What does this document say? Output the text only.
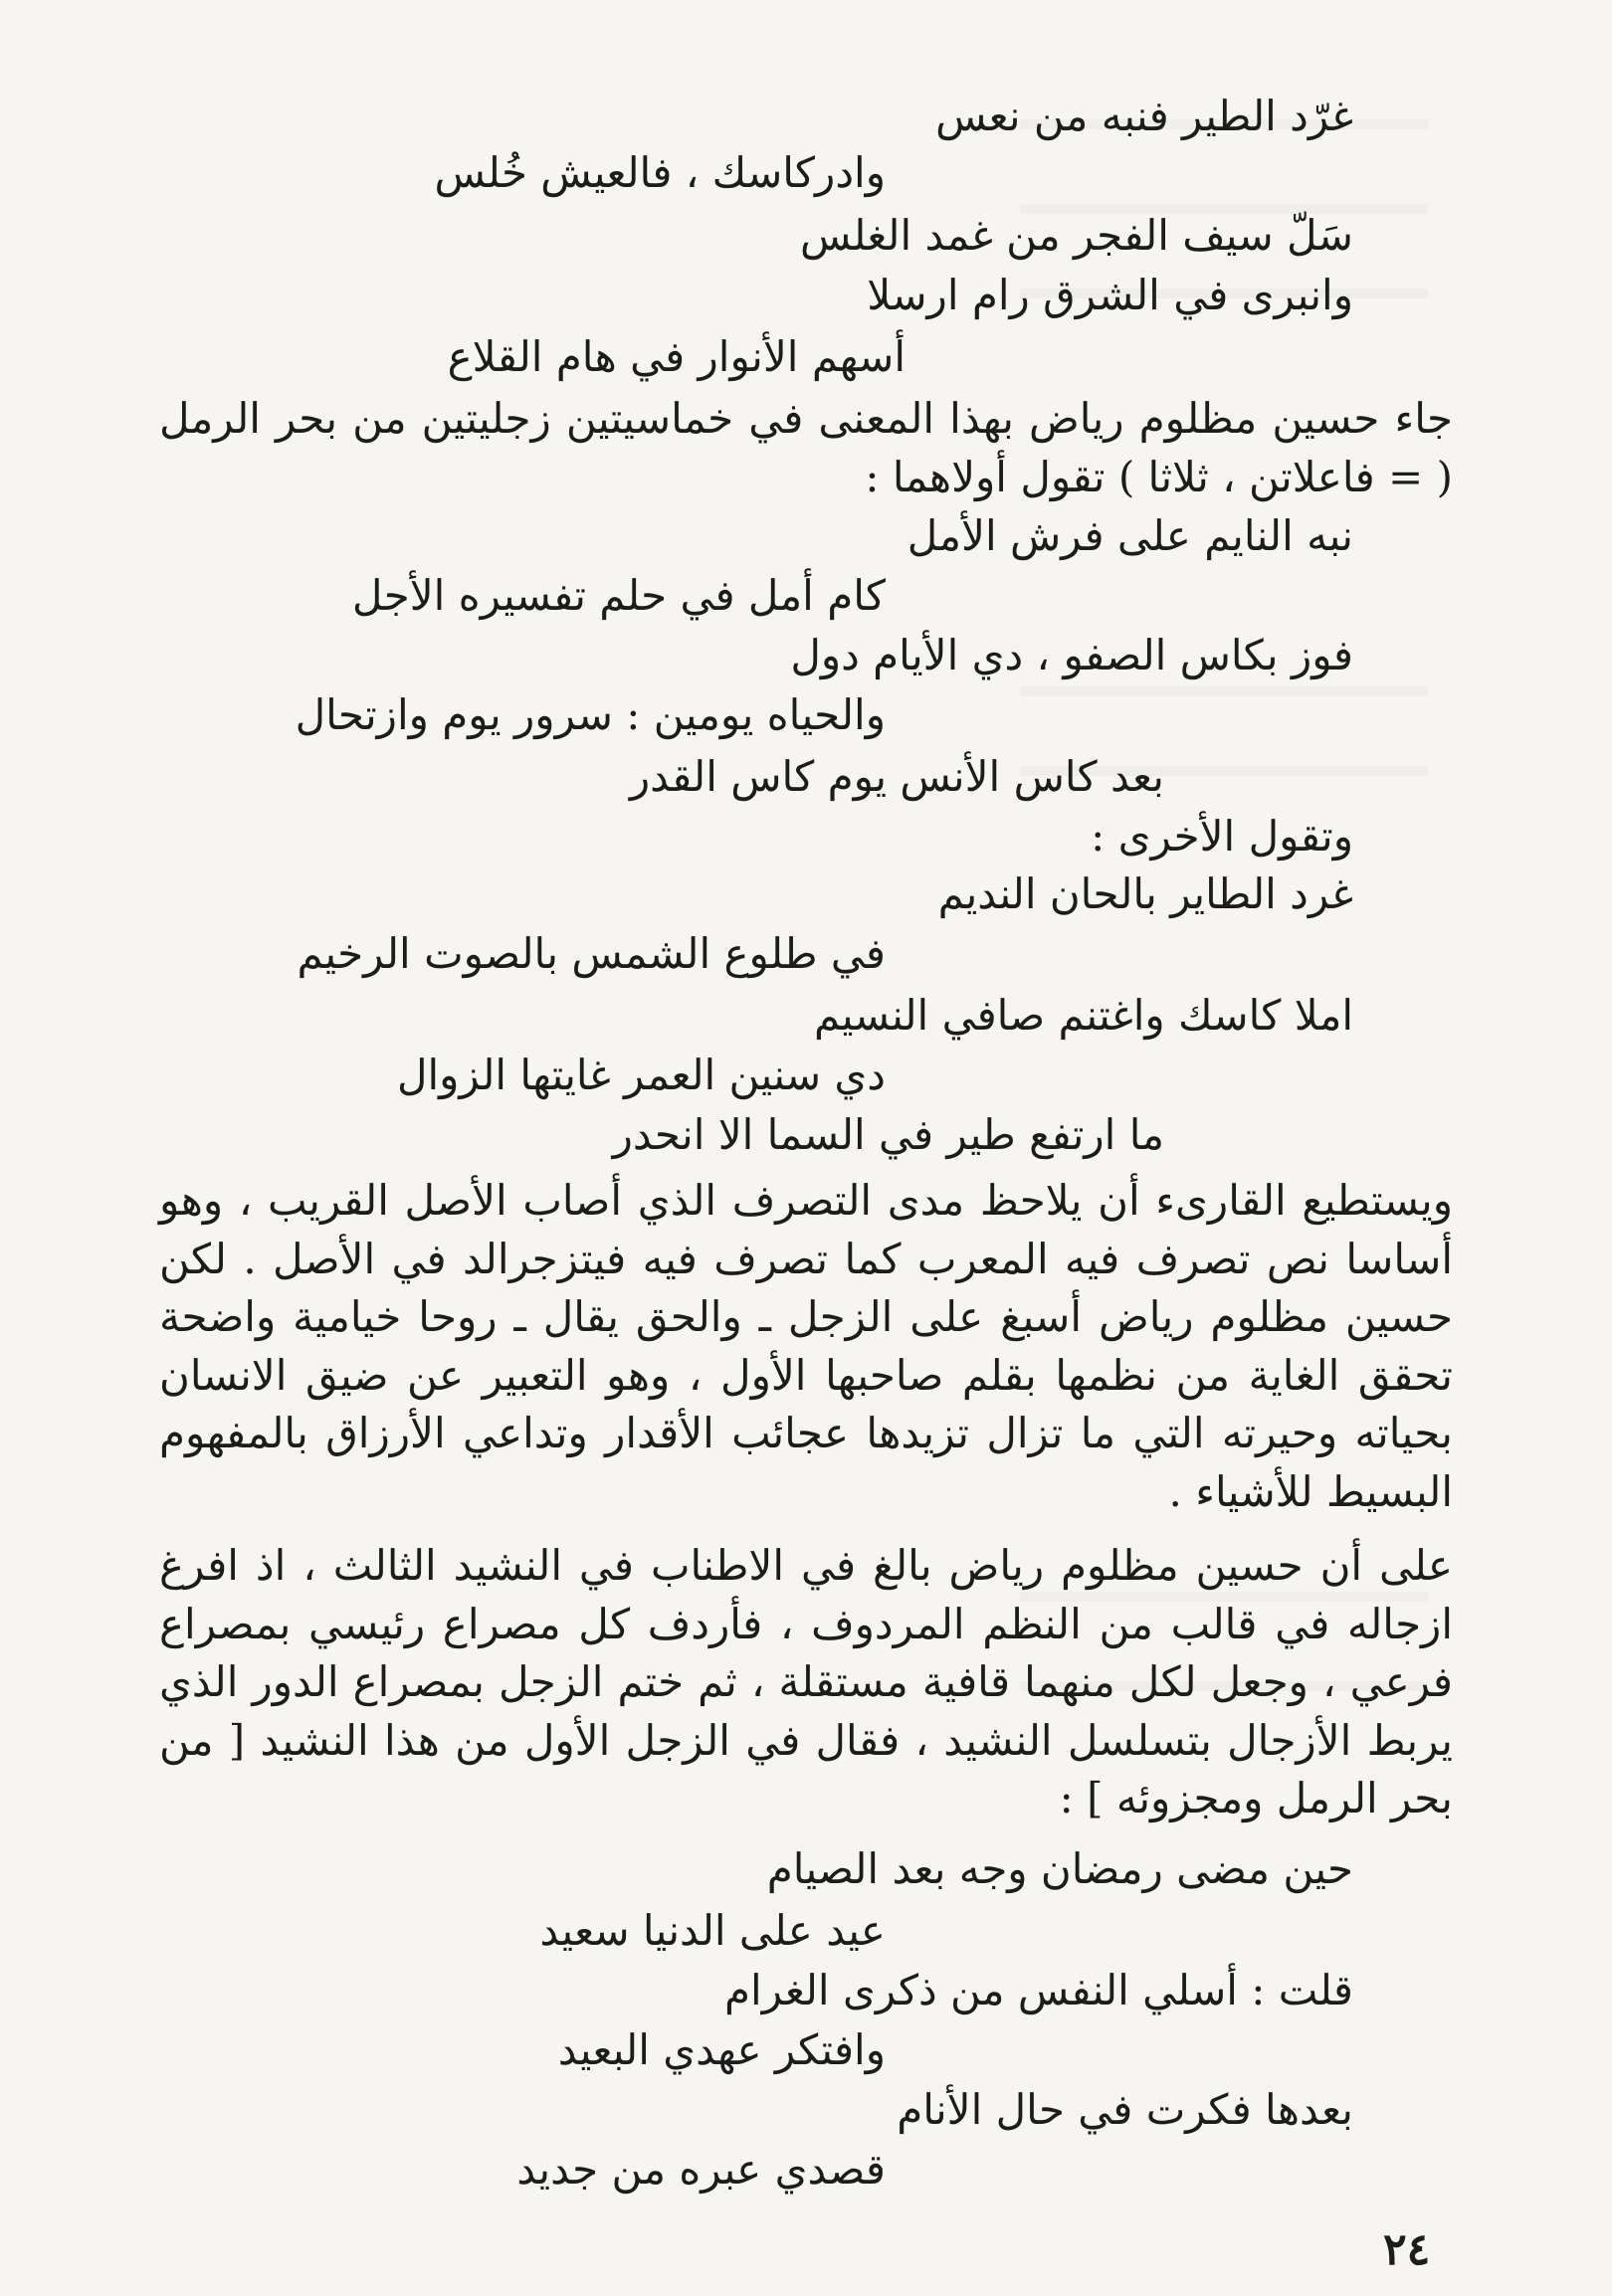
غرّد الطير فنبه من نعس
وادركاسك ، فالعيش خُلس
سَلّ سيف الفجر من غمد الغلس
وانبرى في الشرق رام ارسلا
أسهم الأنوار في هام القلاع
جاء حسين مظلوم رياض بهذا المعنى في خماسيتين زجليتين من بحر الرمل ( = فاعلاتن ، ثلاثا ) تقول أولاهما :
نبه النايم على فرش الأمل
كام أمل في حلم تفسيره الأجل
فوز بكاس الصفو ، دي الأيام دول
والحياه يومين : سرور يوم وازتحال
بعد كاس الأنس يوم كاس القدر
وتقول الأخرى :
غرد الطاير بالحان النديم
في طلوع الشمس بالصوت الرخيم
املا كاسك واغتنم صافي النسيم
دي سنين العمر غايتها الزوال
ما ارتفع طير في السما الا انحدر
ويستطيع القارىء أن يلاحظ مدى التصرف الذي أصاب الأصل القريب ، وهو أساسا نص تصرف فيه المعرب كما تصرف فيه فيتزجرالد في الأصل . لكن حسين مظلوم رياض أسبغ على الزجل ـ والحق يقال ـ روحا خيامية واضحة تحقق الغاية من نظمها بقلم صاحبها الأول ، وهو التعبير عن ضيق الانسان بحياته وحيرته التي ما تزال تزيدها عجائب الأقدار وتداعي الأرزاق بالمفهوم البسيط للأشياء .
على أن حسين مظلوم رياض بالغ في الاطناب في النشيد الثالث ، اذ افرغ ازجاله في قالب من النظم المردوف ، فأردف كل مصراع رئيسي بمصراع فرعي ، وجعل لكل منهما قافية مستقلة ، ثم ختم الزجل بمصراع الدور الذي يربط الأزجال بتسلسل النشيد ، فقال في الزجل الأول من هذا النشيد [ من بحر الرمل ومجزوئه ] :
حين مضى رمضان وجه بعد الصيام
عيد على الدنيا سعيد
قلت : أسلي النفس من ذكرى الغرام
وافتكر عهدي البعيد
بعدها فكرت في حال الأنام
قصدي عبره من جديد
٢٤
